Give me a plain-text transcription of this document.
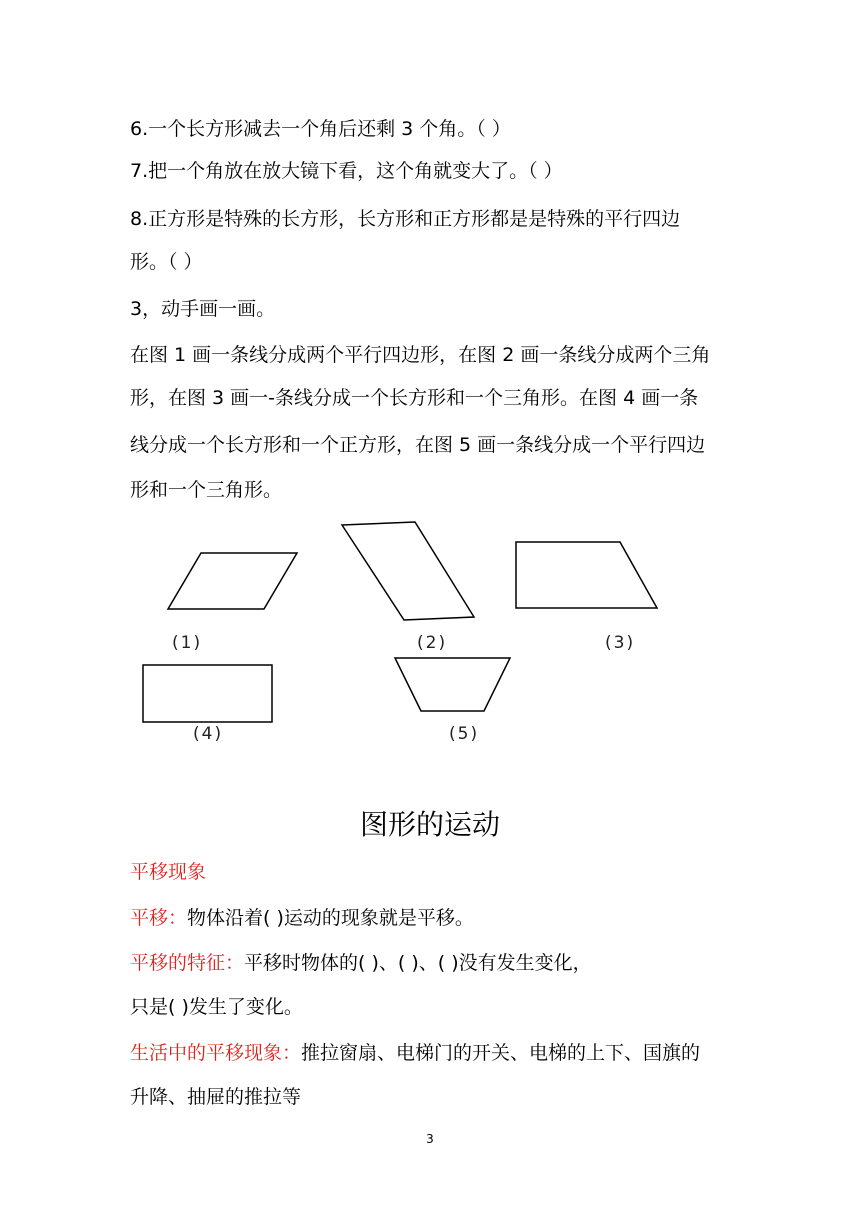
6.一个长方形减去一个角后还剩 3 个角。（ ）
7.把一个角放在放大镜下看，这个角就变大了。（ ）
8.正方形是特殊的长方形，长方形和正方形都是是特殊的平行四边
形。（ ）
3，动手画一画。
在图 1 画一条线分成两个平行四边形，在图 2 画一条线分成两个三角
形，在图 3 画一-条线分成一个长方形和一个三角形。在图 4 画一条
线分成一个长方形和一个正方形，在图 5 画一条线分成一个平行四边
形和一个三角形。
(1)	(2)	(3)
(4)	(5)
图形的运动
平移现象
平移：物体沿着( )运动的现象就是平移。
平移的特征：平移时物体的( )、( )、( )没有发生变化，
只是( )发生了变化。
生活中的平移现象：推拉窗扇、电梯门的开关、电梯的上下、国旗的
升降、抽屉的推拉等
3
